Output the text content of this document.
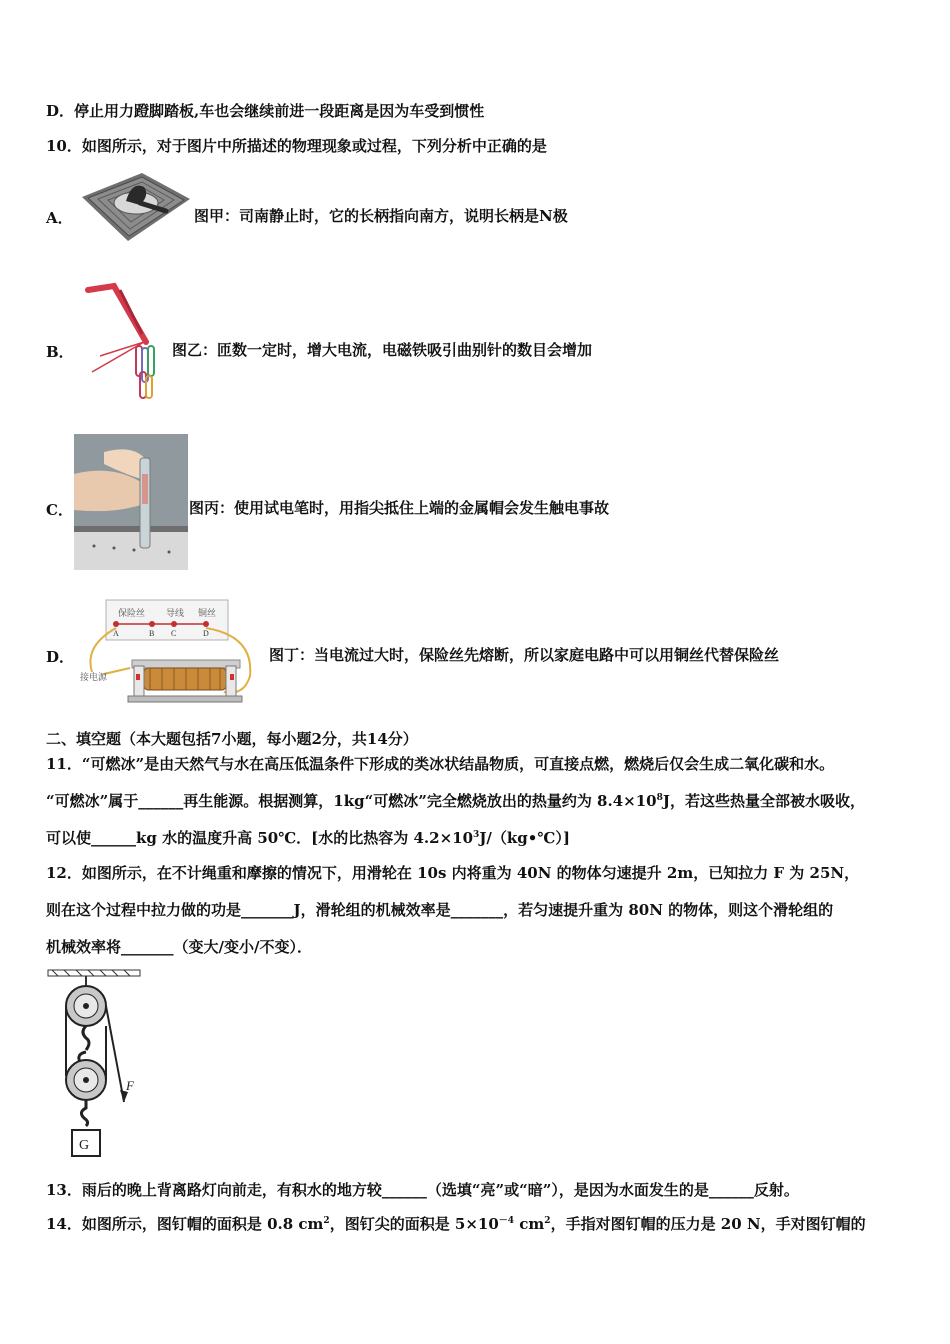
D．停止用力蹬脚踏板,车也会继续前进一段距离是因为车受到惯性
10．如图所示，对于图片中所描述的物理现象或过程，下列分析中正确的是
A．	图甲：司南静止时，它的长柄指向南方，说明长柄是N极
B．	图乙：匝数一定时，增大电流，电磁铁吸引曲别针的数目会增加
C．	图丙：使用试电笔时，用指尖抵住上端的金属帽会发生触电事故
D．
保险丝 导线 铜丝
A	B C	D
接电源
图丁：当电流过大时，保险丝先熔断，所以家庭电路中可以用铜丝代替保险丝
二、填空题（本大题包括7小题，每小题2分，共14分）
11．“可燃冰”是由天然气与水在高压低温条件下形成的类冰状结晶物质，可直接点燃，燃烧后仅会生成二氧化碳和水。
“可燃冰”属于______再生能源。根据测算，1kg“可燃冰”完全燃烧放出的热量约为 $8.4\times 10^8J$，若这些热量全部被水吸收，
可以使______kg 水的温度升高 50℃．[水的比热容为 $4.2\times 10^3J/(kg•℃)$]
12．如图所示，在不计绳重和摩擦的情况下，用滑轮在 10s 内将重为 40N 的物体匀速提升 2m，已知拉力 F 为 25N，
则在这个过程中拉力做的功是_______J，滑轮组的机械效率是_______，若匀速提升重为 80N 的物体，则这个滑轮组的
机械效率将_______（变大/变小/不变）．
F
G
13．雨后的晚上背离路灯向前走，有积水的地方较______（选填“亮”或“暗”），是因为水面发生的是______反射。
14．如图所示，图钉帽的面积是 0.8 $cm^2$，图钉尖的面积是 $5\times 10^{-4}$ $cm^2$，手指对图钉帽的压力是 20 N，手对图钉帽的
